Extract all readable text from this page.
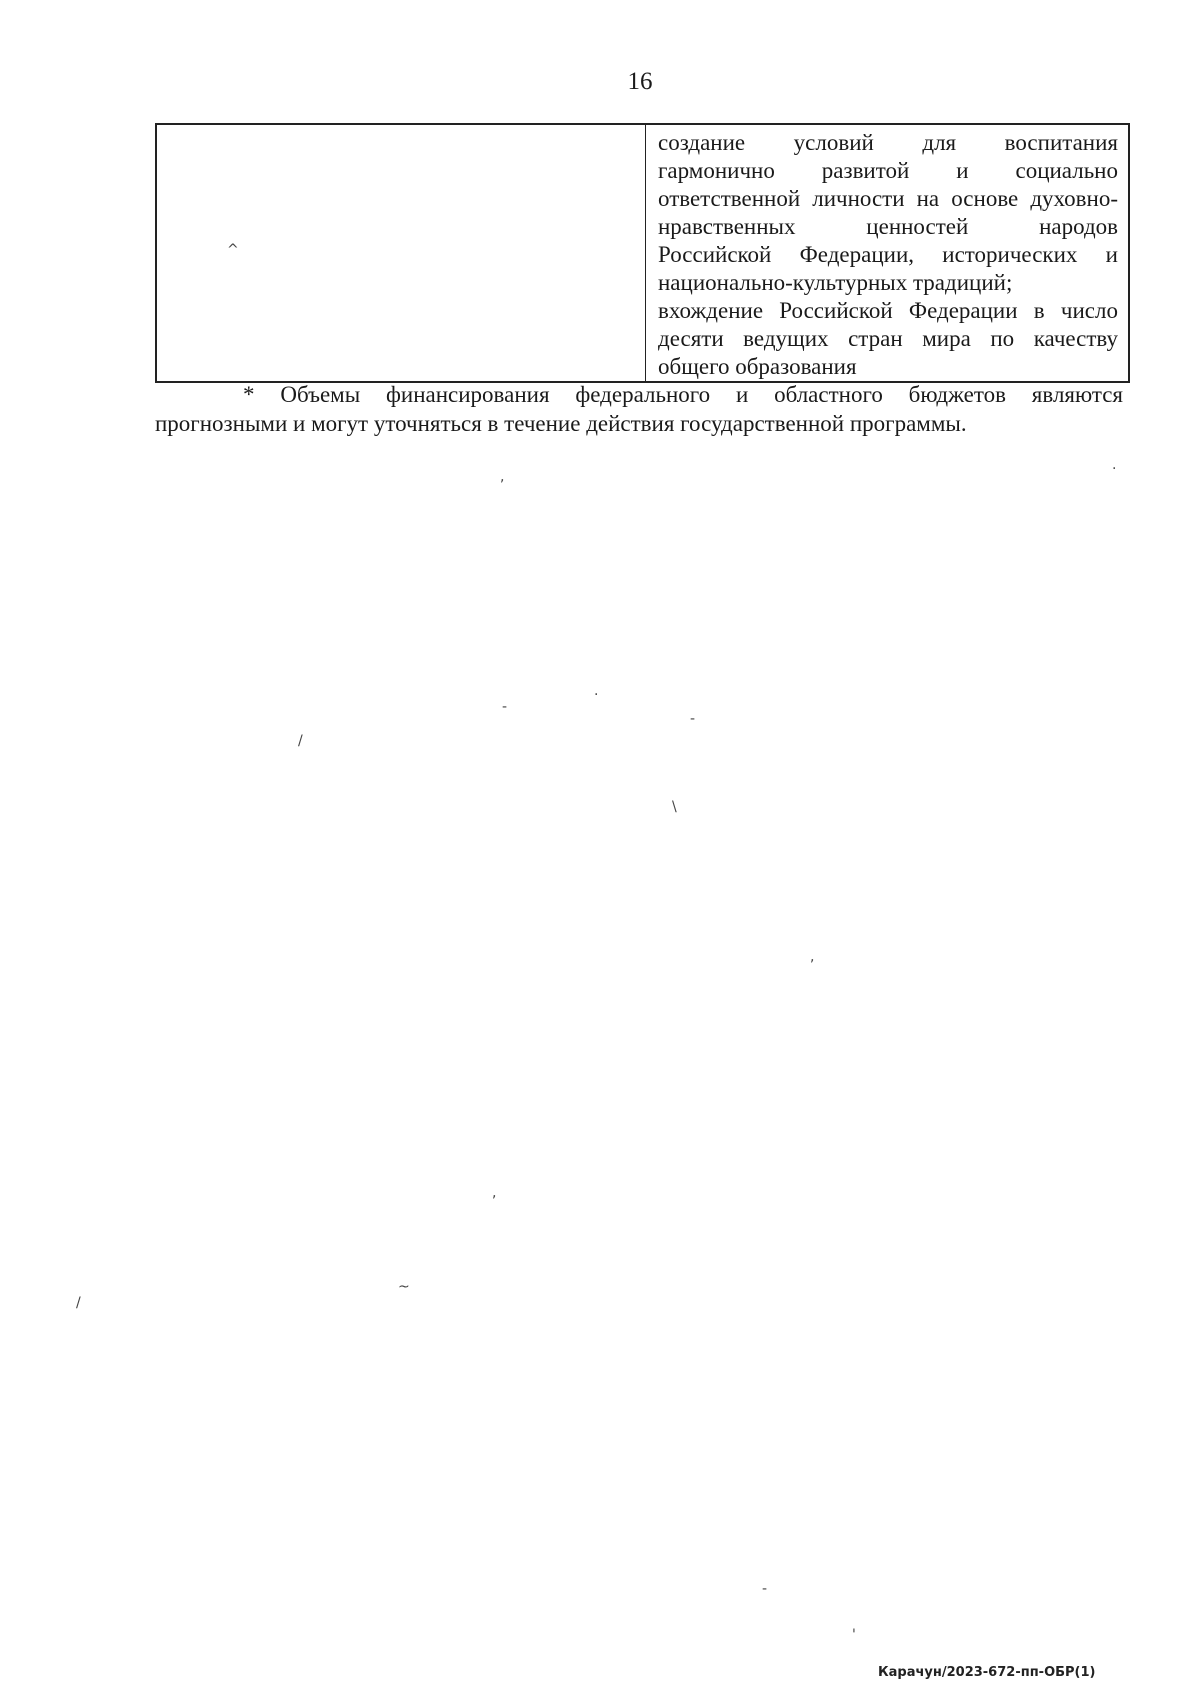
16
^

создание условий для воспитания
гармонично развитой и социально
ответственной личности на основе духовно-
нравственных ценностей народов
Российской Федерации, исторических и
национально-культурных традиций;
вхождение Российской Федерации в число
десяти ведущих стран мира по качеству
общего образования
* Объемы финансирования федерального и областного бюджетов являются
прогнозными и могут уточняться в течение действия государственной программы.
,
.
.
-
-
/
\
,
,
~
/
-
'
Карачун/2023-672-пп-ОБР(1)
